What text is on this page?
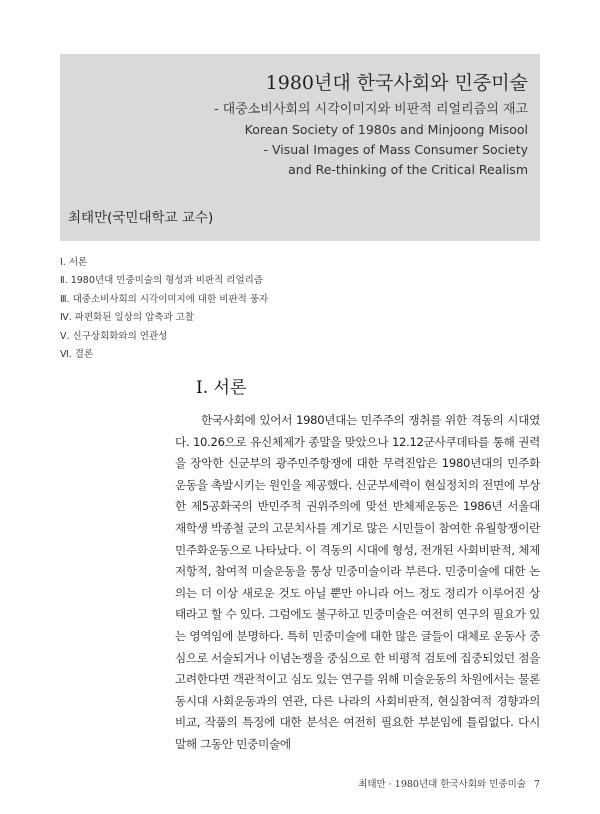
1980년대 한국사회와 민중미술
- 대중소비사회의 시각이미지와 비판적 리얼리즘의 재고
Korean Society of 1980s and Minjoong Misool
- Visual Images of Mass Consumer Society
and Re-thinking of the Critical Realism
최태만(국민대학교 교수)
Ⅰ. 서론
Ⅱ. 1980년대 민중미술의 형성과 비판적 리얼리즘
Ⅲ. 대중소비사회의 시각이미지에 대한 비판적 풍자
Ⅳ. 파편화된 일상의 압축과 고찰
Ⅴ. 신구상회화와의 연관성
Ⅵ. 결론
Ⅰ. 서론

한국사회에 있어서 1980년대는 민주주의 쟁취를 위한 격동의 시대였다. 10.26으로 유신체제가 종말을 맞았으나 12.12군사쿠데타를 통해 권력을 장악한 신군부의 광주민주항쟁에 대한 무력진압은 1980년대의 민주화운동을 촉발시키는 원인을 제공했다. 신군부세력이 현실정치의 전면에 부상한 제5공화국의 반민주적 권위주의에 맞선 반체제운동은 1986년 서울대 재학생 박종철 군의 고문치사를 계기로 많은 시민들이 참여한 유월항쟁이란 민주화운동으로 나타났다. 이 격동의 시대에 형성, 전개된 사회비판적, 체제저항적, 참여적 미술운동을 통상 민중미술이라 부른다. 민중미술에 대한 논의는 더 이상 새로운 것도 아닐 뿐만 아니라 어느 정도 정리가 이루어진 상태라고 할 수 있다. 그럼에도 불구하고 민중미술은 여전히 연구의 필요가 있는 영역임에 분명하다. 특히 민중미술에 대한 많은 글들이 대체로 운동사 중심으로 서술되거나 이념논쟁을 중심으로 한 비평적 검토에 집중되었던 점을 고려한다면 객관적이고 심도 있는 연구를 위해 미술운동의 차원에서는 물론 동시대 사회운동과의 연관, 다른 나라의 사회비판적, 현실참여적 경향과의 비교, 작품의 특징에 대한 분석은 여전히 필요한 부분임에 틀림없다. 다시 말해 그동안 민중미술에

최태만 · 1980년대 한국사회와 민중미술 7
